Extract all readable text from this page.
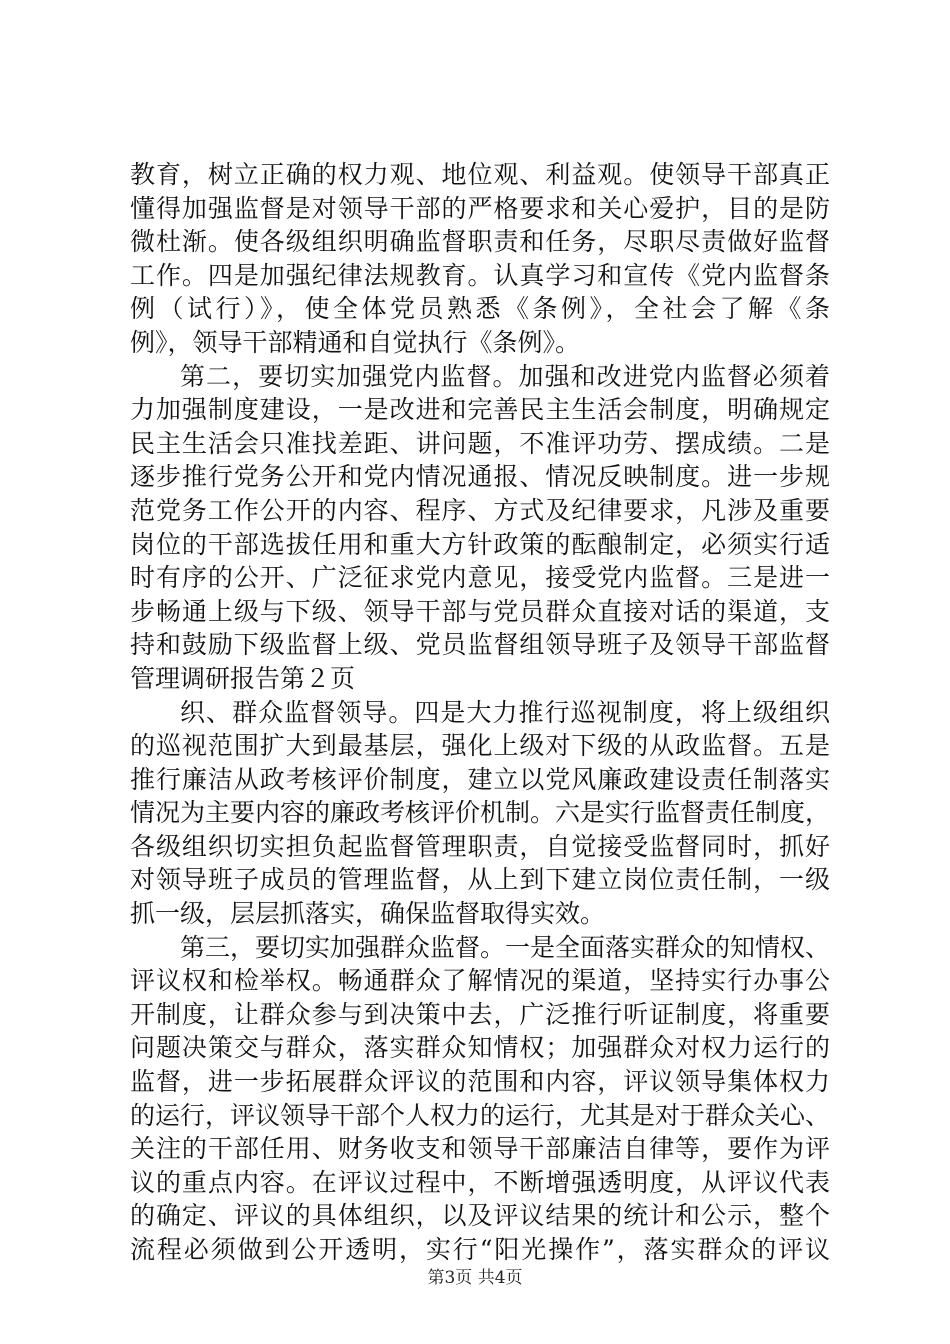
教育，树立正确的权力观、地位观、利益观。使领导干部真正
懂得加强监督是对领导干部的严格要求和关心爱护，目的是防
微杜渐。使各级组织明确监督职责和任务，尽职尽责做好监督
工作。四是加强纪律法规教育。认真学习和宣传《党内监督条
例（试行）》，使全体党员熟悉《条例》，全社会了解《条
例》，领导干部精通和自觉执行《条例》。
第二，要切实加强党内监督。加强和改进党内监督必须着
力加强制度建设，一是改进和完善民主生活会制度，明确规定
民主生活会只准找差距、讲问题，不准评功劳、摆成绩。二是
逐步推行党务公开和党内情况通报、情况反映制度。进一步规
范党务工作公开的内容、程序、方式及纪律要求，凡涉及重要
岗位的干部选拔任用和重大方针政策的酝酿制定，必须实行适
时有序的公开、广泛征求党内意见，接受党内监督。三是进一
步畅通上级与下级、领导干部与党员群众直接对话的渠道，支
持和鼓励下级监督上级、党员监督组领导班子及领导干部监督
管理调研报告第２页
织、群众监督领导。四是大力推行巡视制度，将上级组织
的巡视范围扩大到最基层，强化上级对下级的从政监督。五是
推行廉洁从政考核评价制度，建立以党风廉政建设责任制落实
情况为主要内容的廉政考核评价机制。六是实行监督责任制度，
各级组织切实担负起监督管理职责，自觉接受监督同时，抓好
对领导班子成员的管理监督，从上到下建立岗位责任制，一级
抓一级，层层抓落实，确保监督取得实效。
第三，要切实加强群众监督。一是全面落实群众的知情权、
评议权和检举权。畅通群众了解情况的渠道，坚持实行办事公
开制度，让群众参与到决策中去，广泛推行听证制度，将重要
问题决策交与群众，落实群众知情权；加强群众对权力运行的
监督，进一步拓展群众评议的范围和内容，评议领导集体权力
的运行，评议领导干部个人权力的运行，尤其是对于群众关心、
关注的干部任用、财务收支和领导干部廉洁自律等，要作为评
议的重点内容。在评议过程中，不断增强透明度，从评议代表
的确定、评议的具体组织，以及评议结果的统计和公示，整个
流程必须做到公开透明，实行“阳光操作”，落实群众的评议
第3页 共4页
